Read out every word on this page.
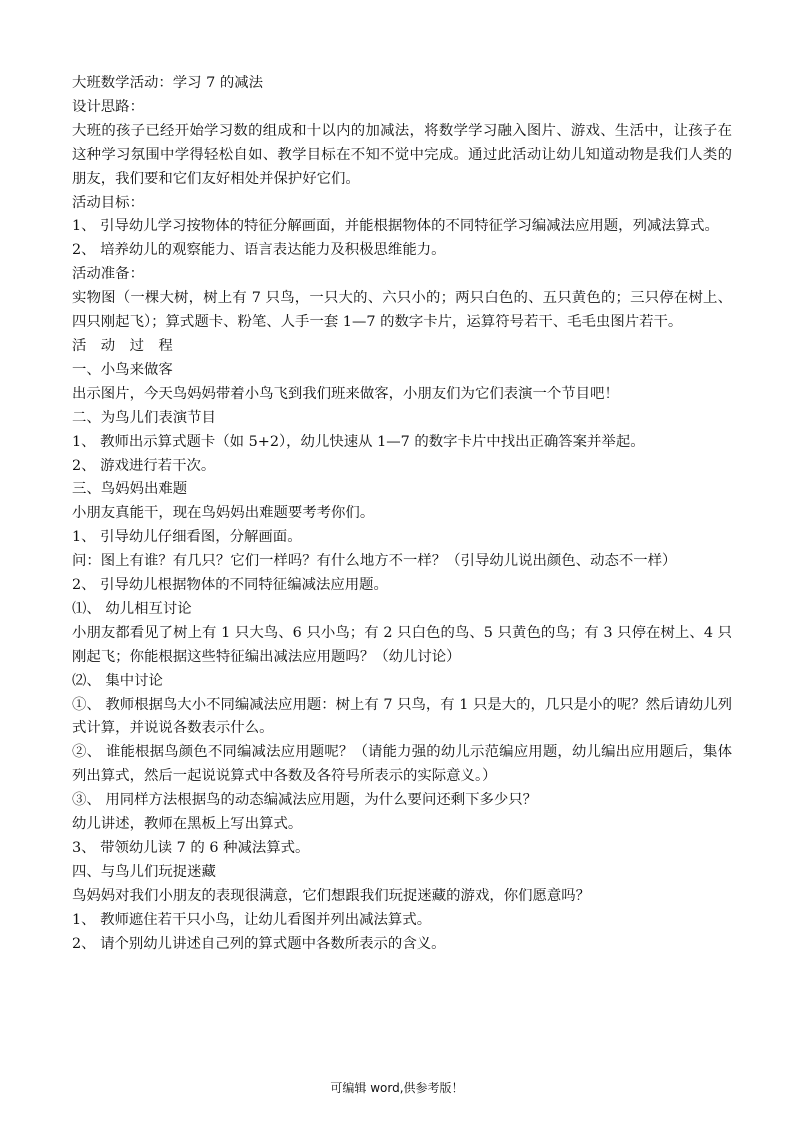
大班数学活动：学习 7 的减法

设计思路：

大班的孩子已经开始学习数的组成和十以内的加减法，将数学学习融入图片、游戏、生活中，让孩子在这种学习氛围中学得轻松自如、教学目标在不知不觉中完成。通过此活动让幼儿知道动物是我们人类的朋友，我们要和它们友好相处并保护好它们。

活动目标：

1、 引导幼儿学习按物体的特征分解画面，并能根据物体的不同特征学习编减法应用题，列减法算式。

2、 培养幼儿的观察能力、语言表达能力及积极思维能力。

活动准备：

实物图（一棵大树，树上有 7 只鸟，一只大的、六只小的；两只白色的、五只黄色的；三只停在树上、四只刚起飞）；算式题卡、粉笔、人手一套 1—7 的数字卡片，运算符号若干、毛毛虫图片若干。

活　动　过　程

一、小鸟来做客

出示图片，今天鸟妈妈带着小鸟飞到我们班来做客，小朋友们为它们表演一个节目吧！

二、为鸟儿们表演节目

1、 教师出示算式题卡（如 5+2），幼儿快速从 1—7 的数字卡片中找出正确答案并举起。

2、 游戏进行若干次。

三、鸟妈妈出难题

小朋友真能干，现在鸟妈妈出难题要考考你们。

1、 引导幼儿仔细看图，分解画面。

问：图上有谁？有几只？它们一样吗？有什么地方不一样？（引导幼儿说出颜色、动态不一样）

2、 引导幼儿根据物体的不同特征编减法应用题。

⑴、 幼儿相互讨论

小朋友都看见了树上有 1 只大鸟、6 只小鸟；有 2 只白色的鸟、5 只黄色的鸟；有 3 只停在树上、4 只刚起飞；你能根据这些特征编出减法应用题吗？（幼儿讨论）

⑵、 集中讨论

①、 教师根据鸟大小不同编减法应用题：树上有 7 只鸟，有 1 只是大的，几只是小的呢？然后请幼儿列式计算，并说说各数表示什么。

②、 谁能根据鸟颜色不同编减法应用题呢？（请能力强的幼儿示范编应用题，幼儿编出应用题后，集体列出算式，然后一起说说算式中各数及各符号所表示的实际意义。）

③、 用同样方法根据鸟的动态编减法应用题，为什么要问还剩下多少只？

幼儿讲述，教师在黑板上写出算式。

3、 带领幼儿读 7 的 6 种减法算式。

四、与鸟儿们玩捉迷藏

鸟妈妈对我们小朋友的表现很满意，它们想跟我们玩捉迷藏的游戏，你们愿意吗？

1、 教师遮住若干只小鸟，让幼儿看图并列出减法算式。

2、 请个别幼儿讲述自己列的算式题中各数所表示的含义。

可编辑 word,供参考版！
